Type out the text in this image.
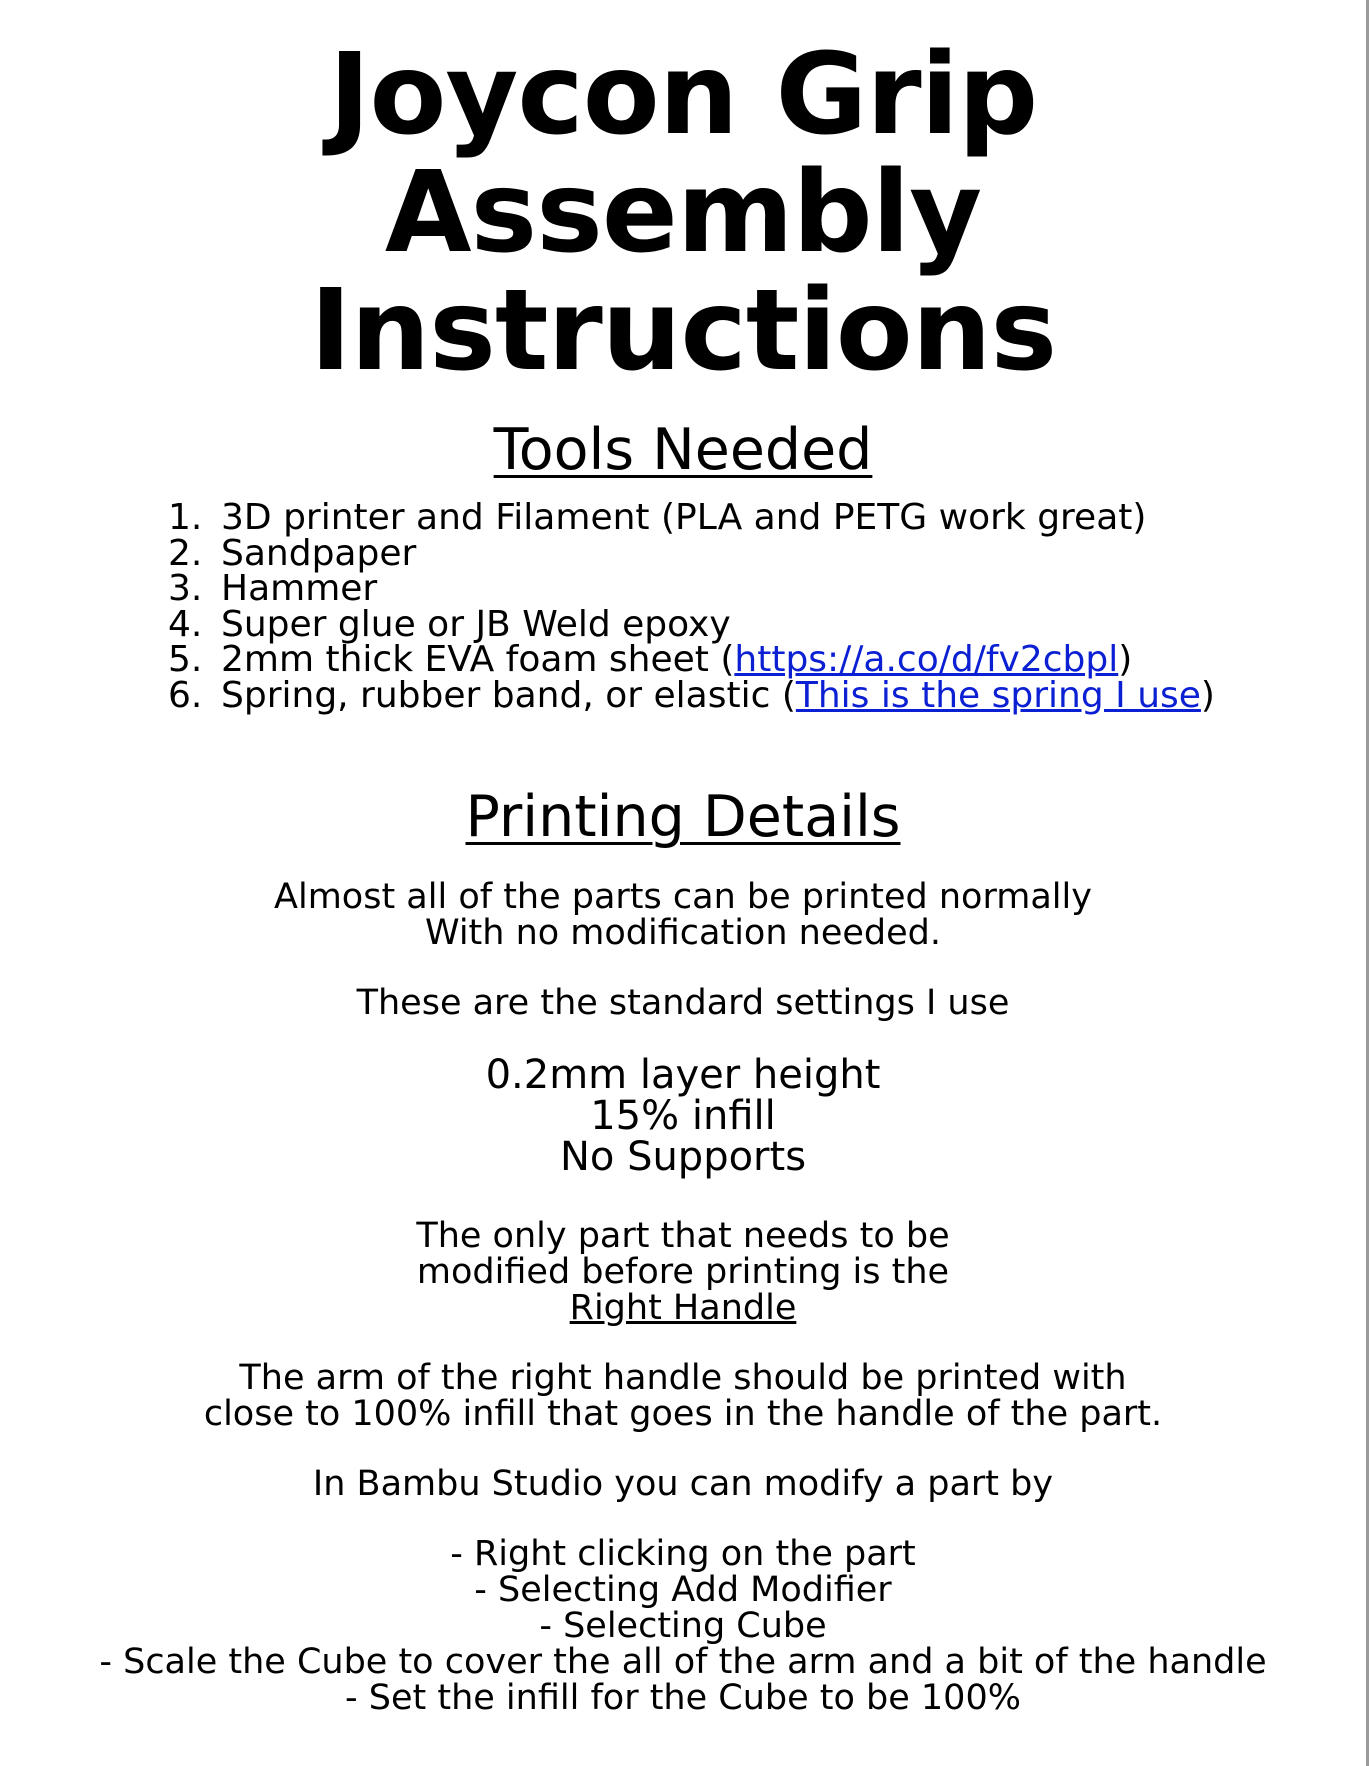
Joycon Grip
Assembly Instructions
Tools Needed
1. 3D printer and Filament (PLA and PETG work great)
2. Sandpaper
3. Hammer
4. Super glue or JB Weld epoxy
5. 2mm thick EVA foam sheet (https://a.co/d/fv2cbpl)
6. Spring, rubber band, or elastic (This is the spring I use)
Printing Details

Almost all of the parts can be printed normally

With no modification needed.

These are the standard settings I use

0.2mm layer height

15% infill

No Supports

The only part that needs to be

modified before printing is the

Right Handle

The arm of the right handle should be printed with

close to 100% infill that goes in the handle of the part.

In Bambu Studio you can modify a part by

- Right clicking on the part

- Selecting Add Modifier

- Selecting Cube

- Scale the Cube to cover the all of the arm and a bit of the handle

- Set the infill for the Cube to be 100%
